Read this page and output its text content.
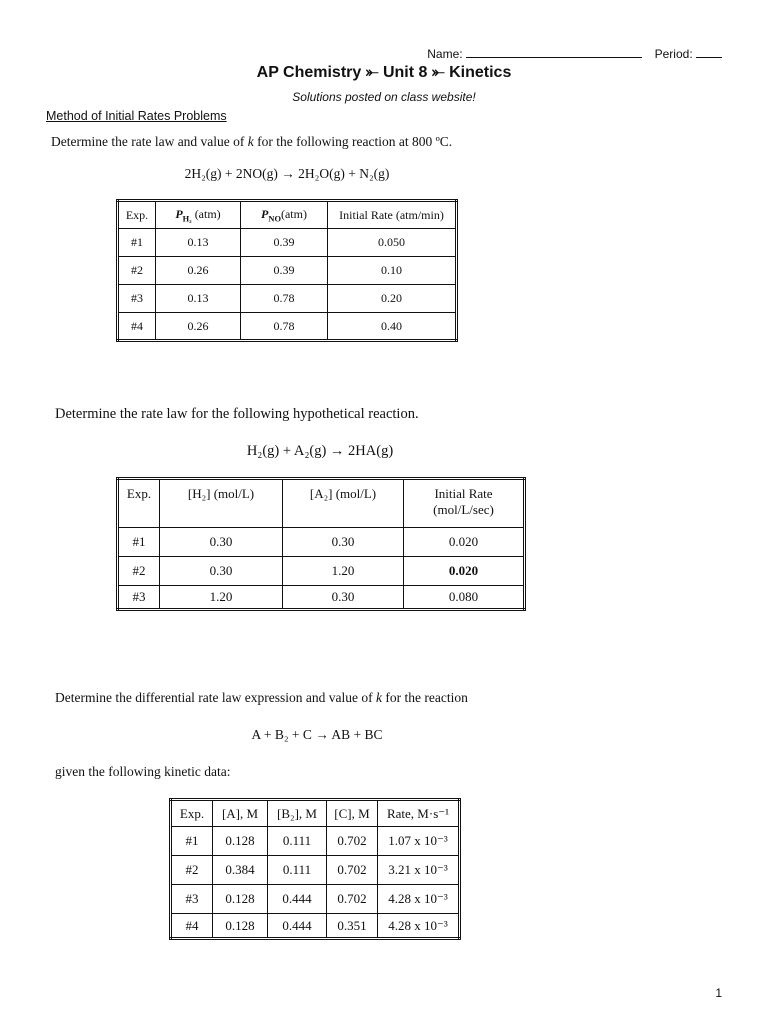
Name:	Period:
AP Chemistry ⤜ Unit 8 ⤜ Kinetics
Solutions posted on class website!
Method of Initial Rates Problems
Determine the rate law and value of k for the following reaction at 800 ºC.
2H₂(g) + 2NO(g) → 2H₂O(g) + N₂(g)
Exp.	$P_{H_2}$ (atm)	$P_{NO}(atm)$	Initial Rate (atm/min)
#1	0.13	0.39	0.050
#2	0.26	0.39	0.10
#3	0.13	0.78	0.20
#4	0.26	0.78	0.40
Determine the rate law for the following hypothetical reaction.
H₂(g) + A₂(g) → 2HA(g)
Exp.	[H₂] (mol/L)	[A₂] (mol/L)	Initial Rate (mol/L/sec)
#1	0.30	0.30	0.020
#2	0.30	1.20	0.020
#3	1.20	0.30	0.080
Determine the differential rate law expression and value of k for the reaction
A + B₂ + C → AB + BC
given the following kinetic data:
Exp.	[A], M	[B₂], M	[C], M	Rate, M·s⁻¹
#1	0.128	0.111	0.702	1.07 x 10⁻³
#2	0.384	0.111	0.702	3.21 x 10⁻³
#3	0.128	0.444	0.702	4.28 x 10⁻³
#4	0.128	0.444	0.351	4.28 x 10⁻³
1
